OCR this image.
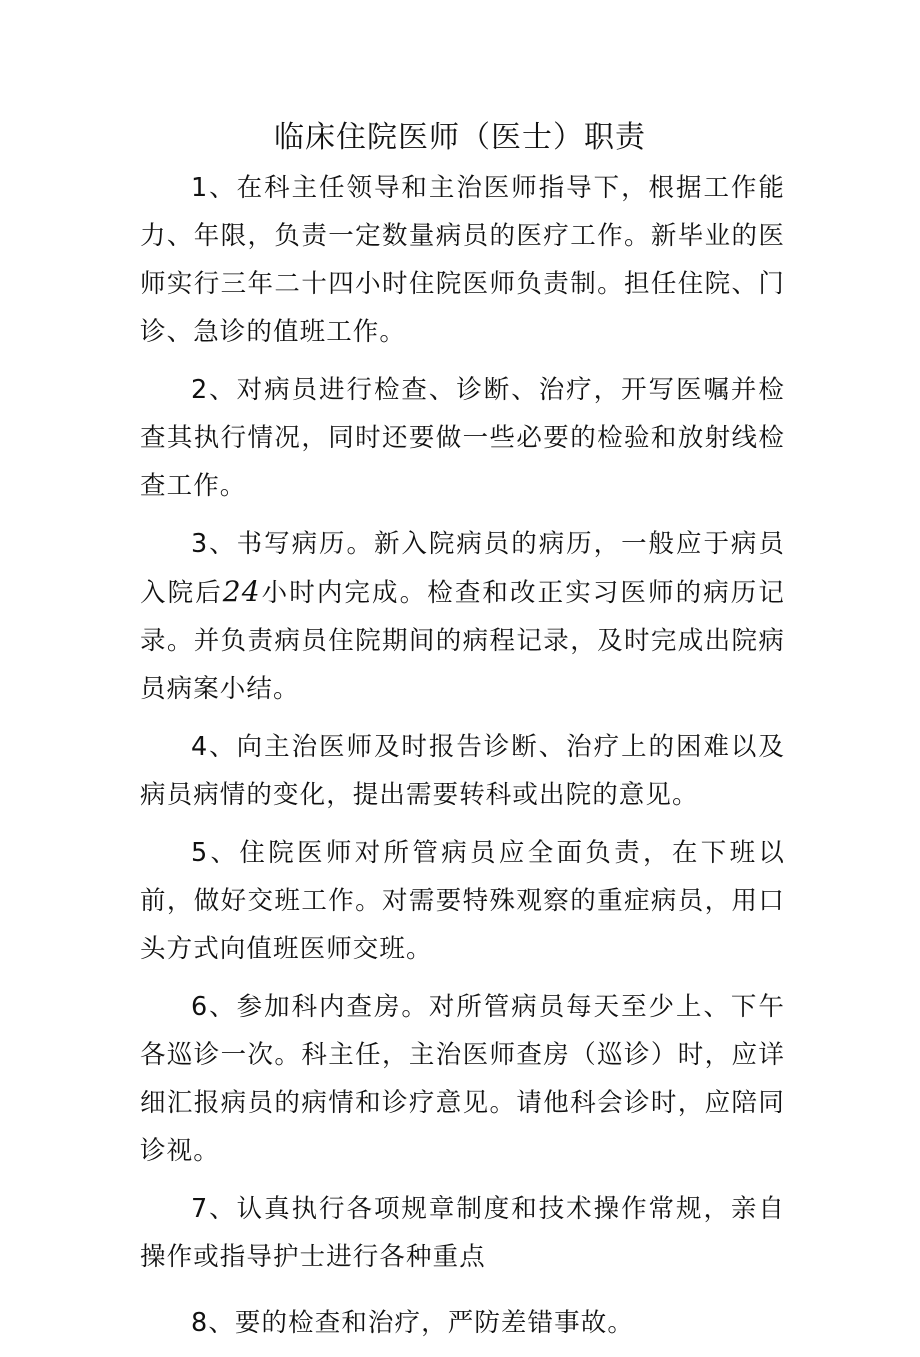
临床住院医师（医士）职责

1、在科主任领导和主治医师指导下，根据工作能力、年限，负责一定数量病员的医疗工作。新毕业的医师实行三年二十四小时住院医师负责制。担任住院、门诊、急诊的值班工作。

2、对病员进行检查、诊断、治疗，开写医嘱并检查其执行情况，同时还要做一些必要的检验和放射线检查工作。

3、书写病历。新入院病员的病历，一般应于病员入院后24小时内完成。检查和改正实习医师的病历记录。并负责病员住院期间的病程记录，及时完成出院病员病案小结。

4、向主治医师及时报告诊断、治疗上的困难以及病员病情的变化，提出需要转科或出院的意见。

5、住院医师对所管病员应全面负责，在下班以前，做好交班工作。对需要特殊观察的重症病员，用口头方式向值班医师交班。

6、参加科内查房。对所管病员每天至少上、下午各巡诊一次。科主任，主治医师查房（巡诊）时，应详细汇报病员的病情和诊疗意见。请他科会诊时，应陪同诊视。

7、认真执行各项规章制度和技术操作常规，亲自操作或指导护士进行各种重点

8、要的检查和治疗，严防差错事故。
